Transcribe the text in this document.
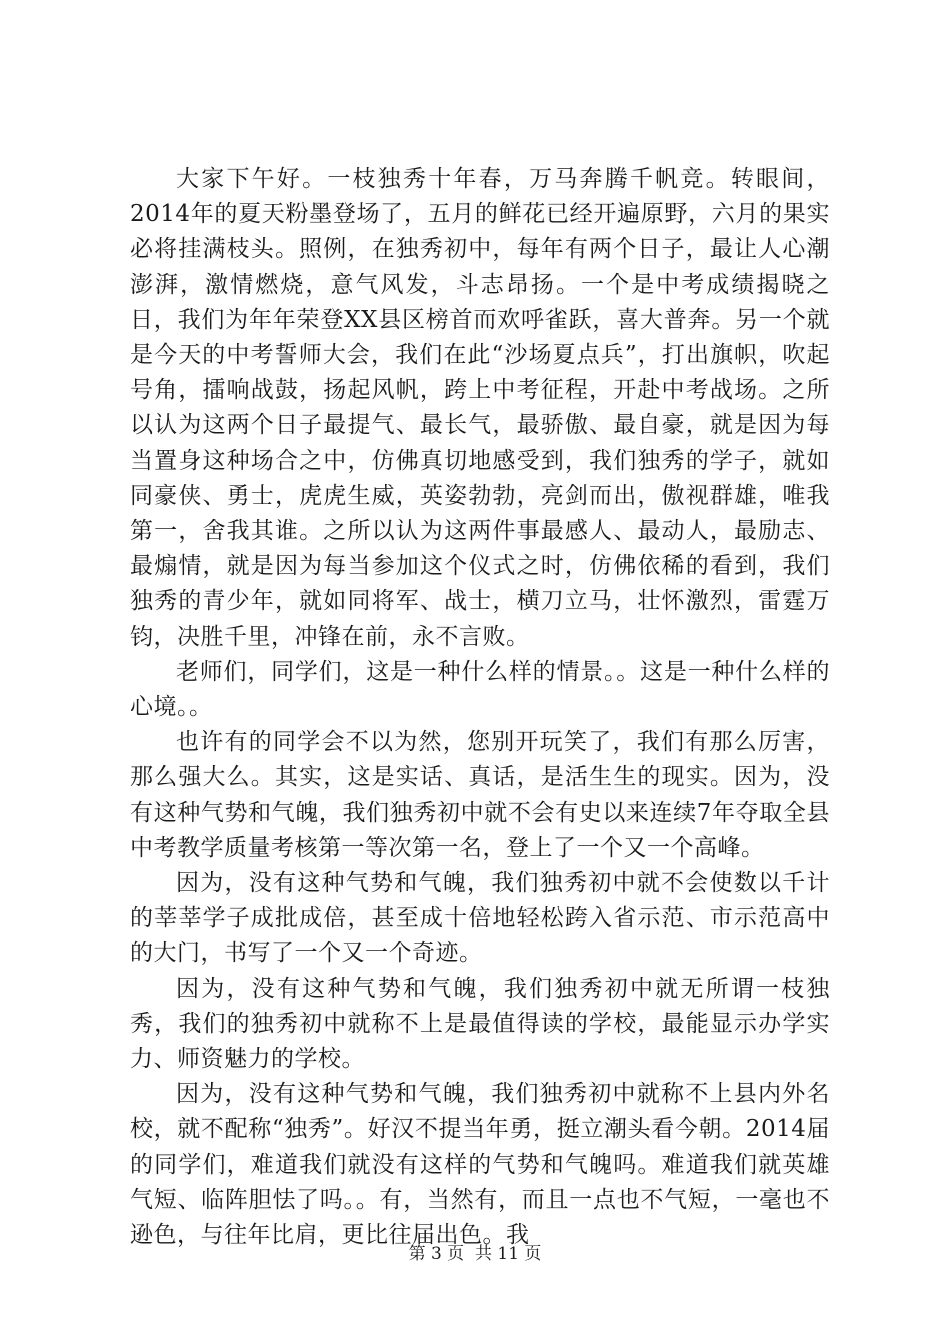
大家下午好。一枝独秀十年春，万马奔腾千帆竞。转眼间，2014年的夏天粉墨登场了，五月的鲜花已经开遍原野，六月的果实必将挂满枝头。照例，在独秀初中，每年有两个日子，最让人心潮澎湃，激情燃烧，意气风发，斗志昂扬。一个是中考成绩揭晓之日，我们为年年荣登XX县区榜首而欢呼雀跃，喜大普奔。另一个就是今天的中考誓师大会，我们在此“沙场夏点兵”，打出旗帜，吹起号角，擂响战鼓，扬起风帆，跨上中考征程，开赴中考战场。之所以认为这两个日子最提气、最长气，最骄傲、最自豪，就是因为每当置身这种场合之中，仿佛真切地感受到，我们独秀的学子，就如同豪侠、勇士，虎虎生威，英姿勃勃，亮剑而出，傲视群雄，唯我第一，舍我其谁。之所以认为这两件事最感人、最动人，最励志、最煽情，就是因为每当参加这个仪式之时，仿佛依稀的看到，我们独秀的青少年，就如同将军、战士，横刀立马，壮怀激烈，雷霆万钧，决胜千里，冲锋在前，永不言败。

老师们，同学们，这是一种什么样的情景。。这是一种什么样的心境。。

也许有的同学会不以为然，您别开玩笑了，我们有那么厉害，那么强大么。其实，这是实话、真话，是活生生的现实。因为，没有这种气势和气魄，我们独秀初中就不会有史以来连续7年夺取全县中考教学质量考核第一等次第一名，登上了一个又一个高峰。

因为，没有这种气势和气魄，我们独秀初中就不会使数以千计的莘莘学子成批成倍，甚至成十倍地轻松跨入省示范、市示范高中的大门，书写了一个又一个奇迹。

因为，没有这种气势和气魄，我们独秀初中就无所谓一枝独秀，我们的独秀初中就称不上是最值得读的学校，最能显示办学实力、师资魅力的学校。

因为，没有这种气势和气魄，我们独秀初中就称不上县内外名校，就不配称“独秀”。好汉不提当年勇，挺立潮头看今朝。2014届的同学们，难道我们就没有这样的气势和气魄吗。难道我们就英雄气短、临阵胆怯了吗。。有，当然有，而且一点也不气短，一毫也不逊色，与往年比肩，更比往届出色。我

第 3 页  共 11 页
